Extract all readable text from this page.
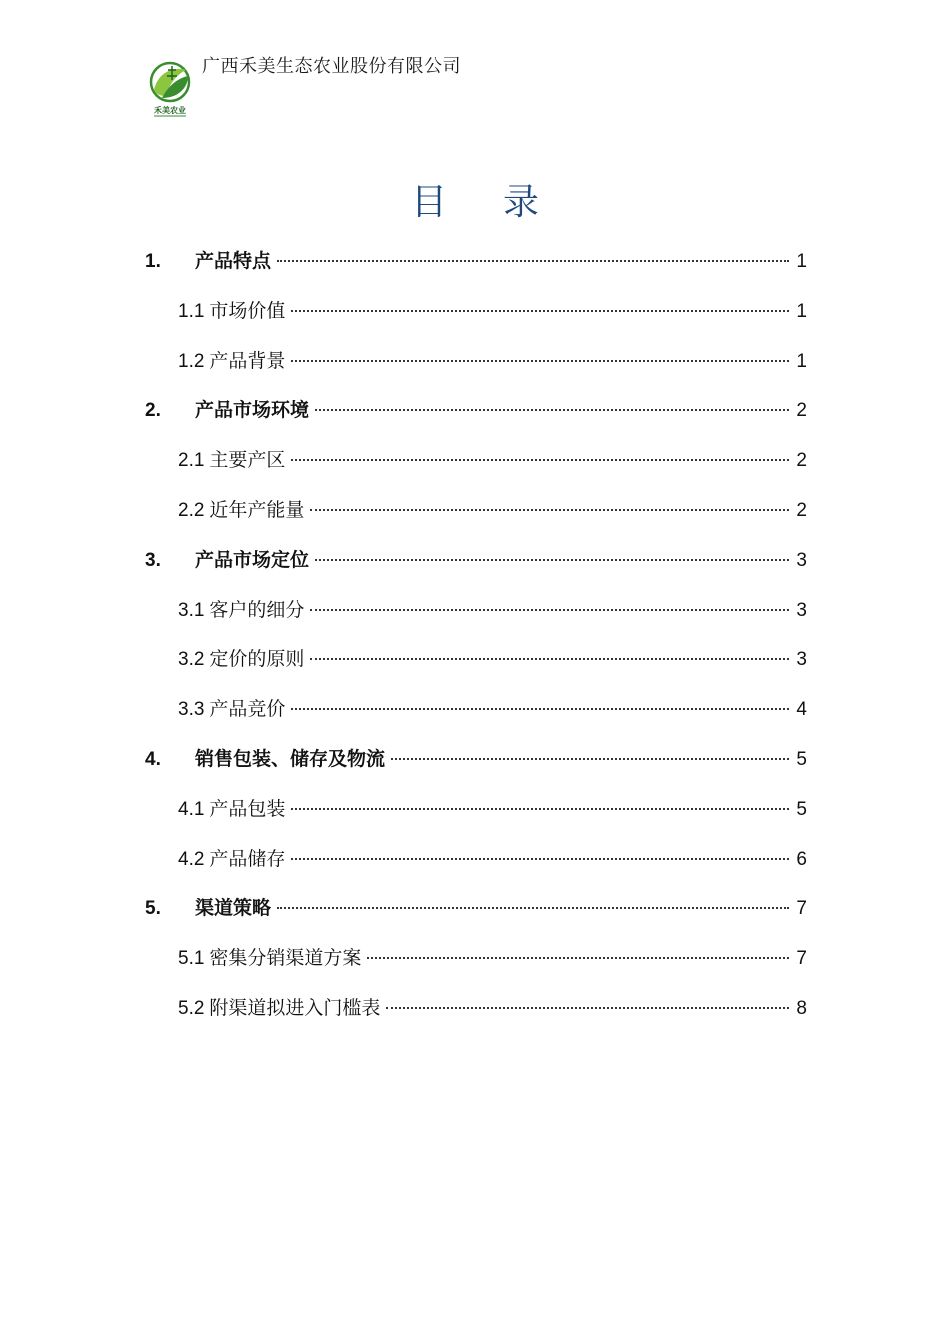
禾美农业
广西禾美生态农业股份有限公司
目录
1.	产品特点	1
1.1 市场价值	1
1.2 产品背景	1
2.	产品市场环境	2
2.1 主要产区	2
2.2 近年产能量	2
3.	产品市场定位	3
3.1 客户的细分	3
3.2 定价的原则	3
3.3 产品竞价	4
4.	销售包装、储存及物流	5
4.1 产品包装	5
4.2 产品储存	6
5.	渠道策略	7
5.1 密集分销渠道方案	7
5.2 附渠道拟进入门槛表	8
